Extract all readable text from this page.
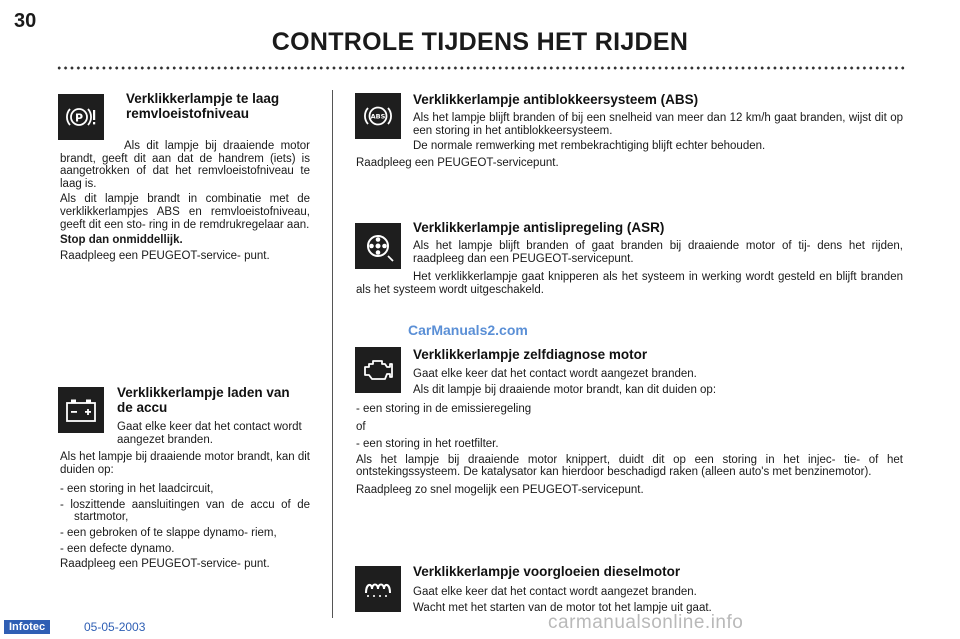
30
CONTROLE TIJDENS HET RIJDEN
P
Verklikkerlampje te laag remvloeistofniveau

Als dit lampje bij draaiende motor brandt, geeft dit aan dat de handrem (iets) is aangetrokken of dat het remvloeistofniveau te laag is.

Als dit lampje brandt in combinatie met de verklikkerlampjes ABS en remvloeistofniveau, geeft dit een sto- ring in de remdrukregelaar aan.

Stop dan onmiddellijk.

Raadpleeg een PEUGEOT-service- punt.

Verklikkerlampje laden van de accu
Gaat elke keer dat het contact wordt aangezet branden.

Als het lampje bij draaiende motor brandt, kan dit duiden op:

- een storing in het laadcircuit,

- loszittende aansluitingen van de accu of de startmotor,

- een gebroken of te slappe dynamo- riem,

- een defecte dynamo.

Raadpleeg een PEUGEOT-service- punt.

ABS
Verklikkerlampje antiblokkeersysteem (ABS)

Als het lampje blijft branden of bij een snelheid van meer dan 12 km/h gaat branden, wijst dit op een storing in het antiblokkeersysteem.

De normale remwerking met rembekrachtiging blijft echter behouden.

Raadpleeg een PEUGEOT-servicepunt.
Verklikkerlampje antislipregeling (ASR)
Als het lampje blijft branden of gaat branden bij draaiende motor of tij- dens het rijden, raadpleeg dan een PEUGEOT-servicepunt.
Het verklikkerlampje gaat knipperen als het systeem in werking wordt gesteld en blijft branden als het systeem wordt uitgeschakeld.
CarManuals2.com
Verklikkerlampje zelfdiagnose motor

Gaat elke keer dat het contact wordt aangezet branden.

Als dit lampje bij draaiende motor brandt, kan dit duiden op:

- een storing in de emissieregeling

of

- een storing in het roetfilter.

Als het lampje bij draaiende motor knippert, duidt dit op een storing in het injec- tie- of het ontstekingssysteem. De katalysator kan hierdoor beschadigd raken (alleen auto's met benzinemotor).

Raadpleeg zo snel mogelijk een PEUGEOT-servicepunt.

Verklikkerlampje voorgloeien dieselmotor

Gaat elke keer dat het contact wordt aangezet branden.

Wacht met het starten van de motor tot het lampje uit gaat.

Infotec	05-05-2003	carmanualsonline.info
